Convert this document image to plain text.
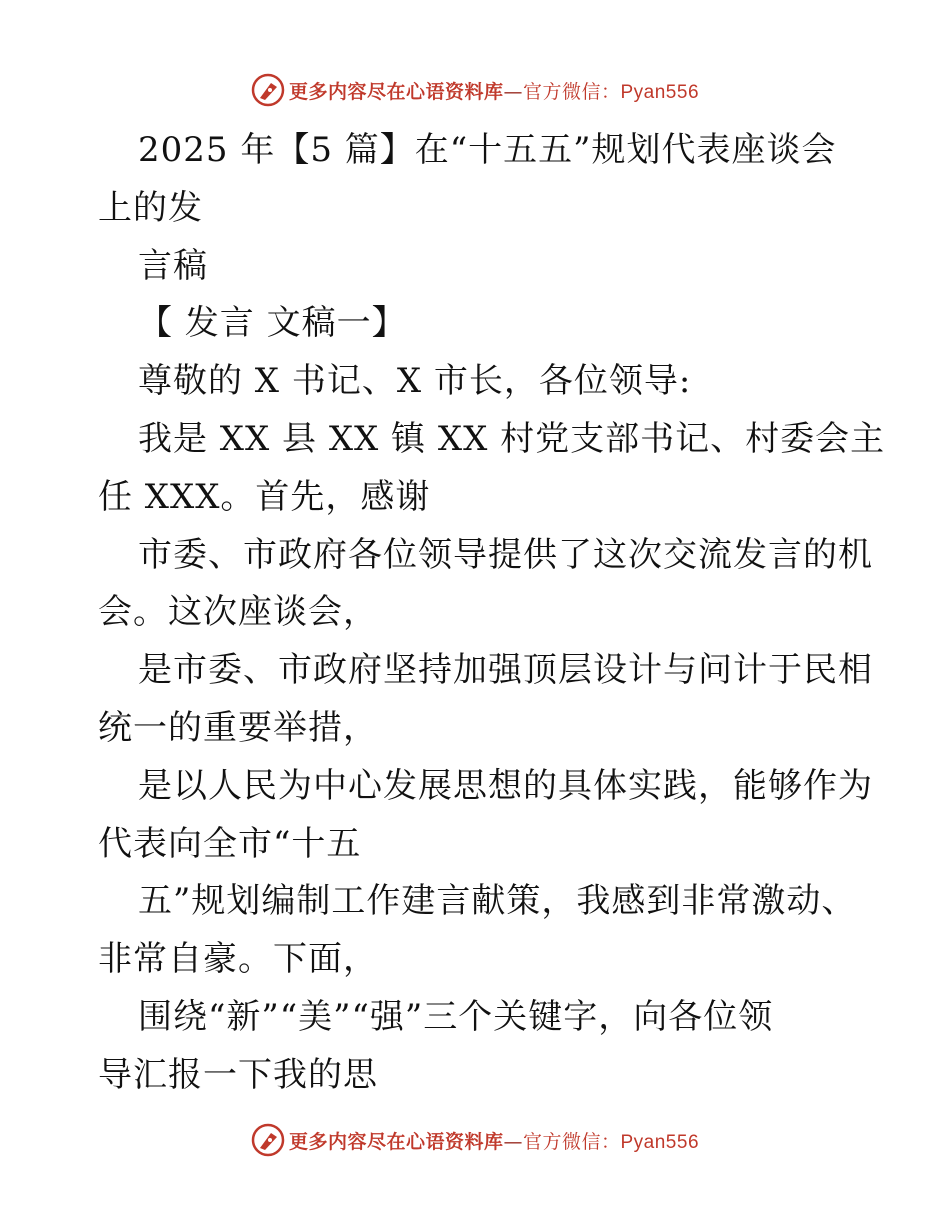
更多内容尽在心语资料库—官方微信：Pyan556
2025 年【5 篇】在“十五五”规划代表座谈会
上的发
言稿
【 发言 文稿一】
尊敬的 X 书记、X 市长，各位领导:
我是 XX 县 XX 镇 XX 村党支部书记、村委会主
任 XXX。首先，感谢
市委、市政府各位领导提供了这次交流发言的机
会。这次座谈会，
是市委、市政府坚持加强顶层设计与问计于民相
统一的重要举措，
是以人民为中心发展思想的具体实践，能够作为
代表向全市“十五
五”规划编制工作建言献策，我感到非常激动、
非常自豪。下面，
围绕“新”“美”“强”三个关键字，向各位领
导汇报一下我的思
更多内容尽在心语资料库—官方微信：Pyan556
